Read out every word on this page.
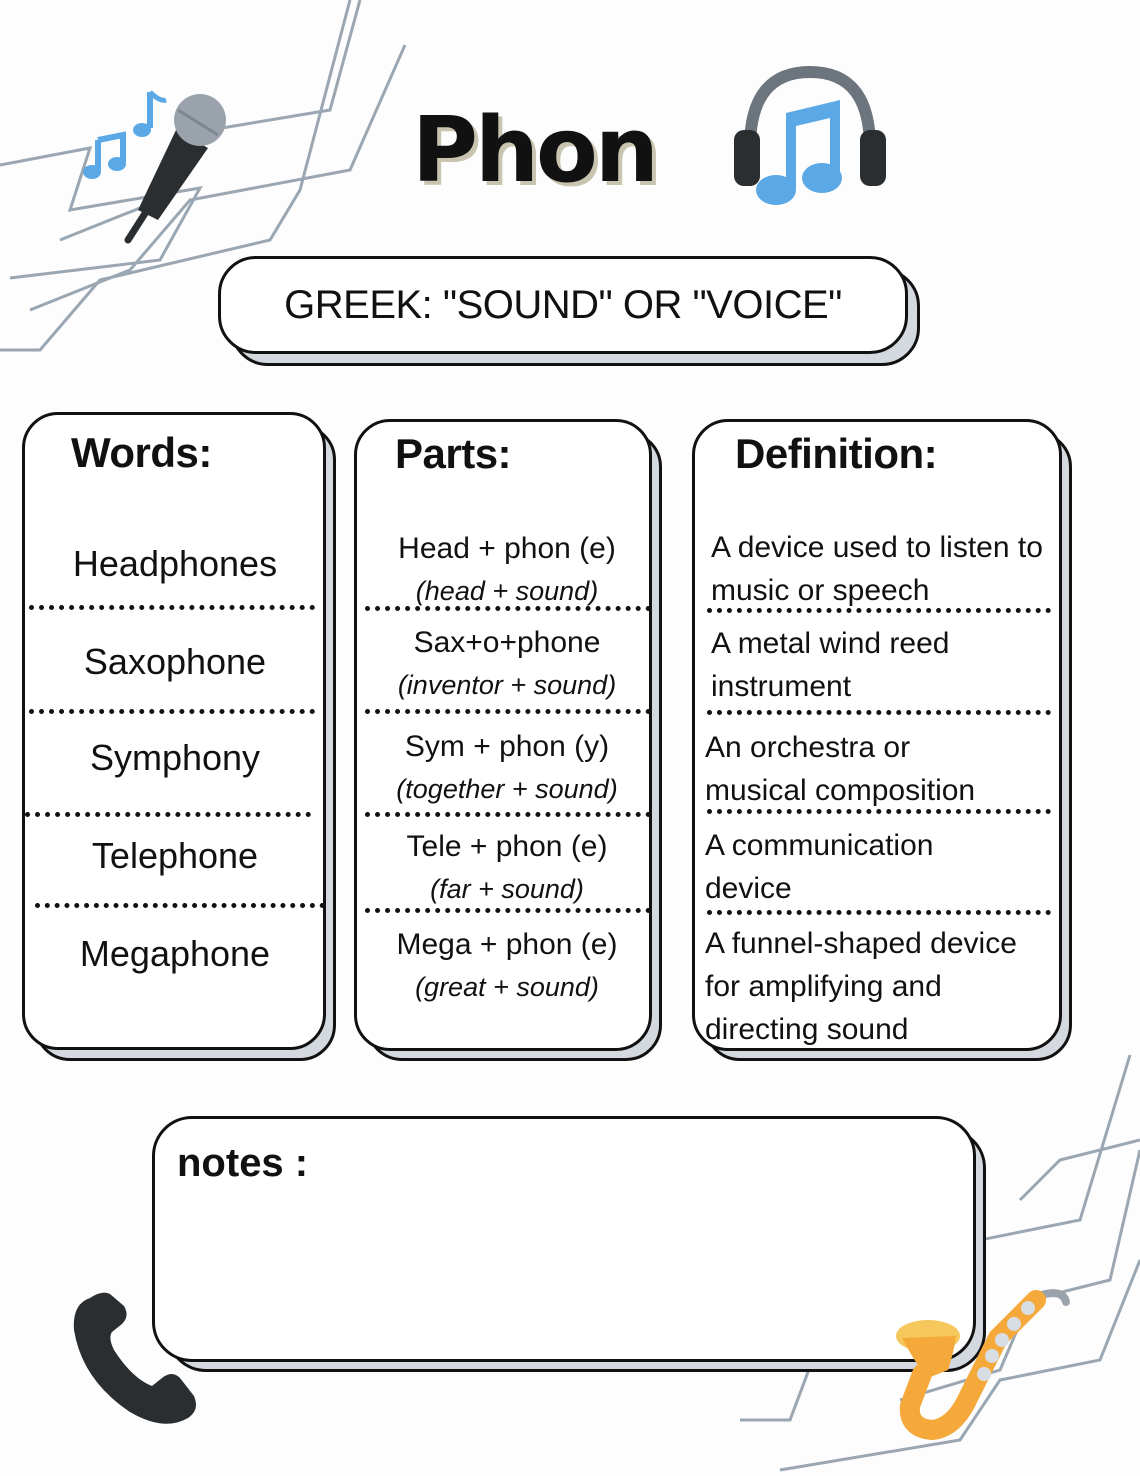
Phon
GREEK: "SOUND" OR "VOICE"
Words:
Headphones
Saxophone
Symphony
Telephone
Megaphone
Parts:
Head + phon (e)
(head + sound)
Sax+o+phone
(inventor + sound)
Sym + phon (y)
(together + sound)
Tele + phon (e)
(far + sound)
Mega + phon (e)
(great + sound)
Definition:
A device used to listen to music or speech
A metal wind reed instrument
An orchestra or musical composition
A communication device
A funnel-shaped device for amplifying and directing sound
notes :
